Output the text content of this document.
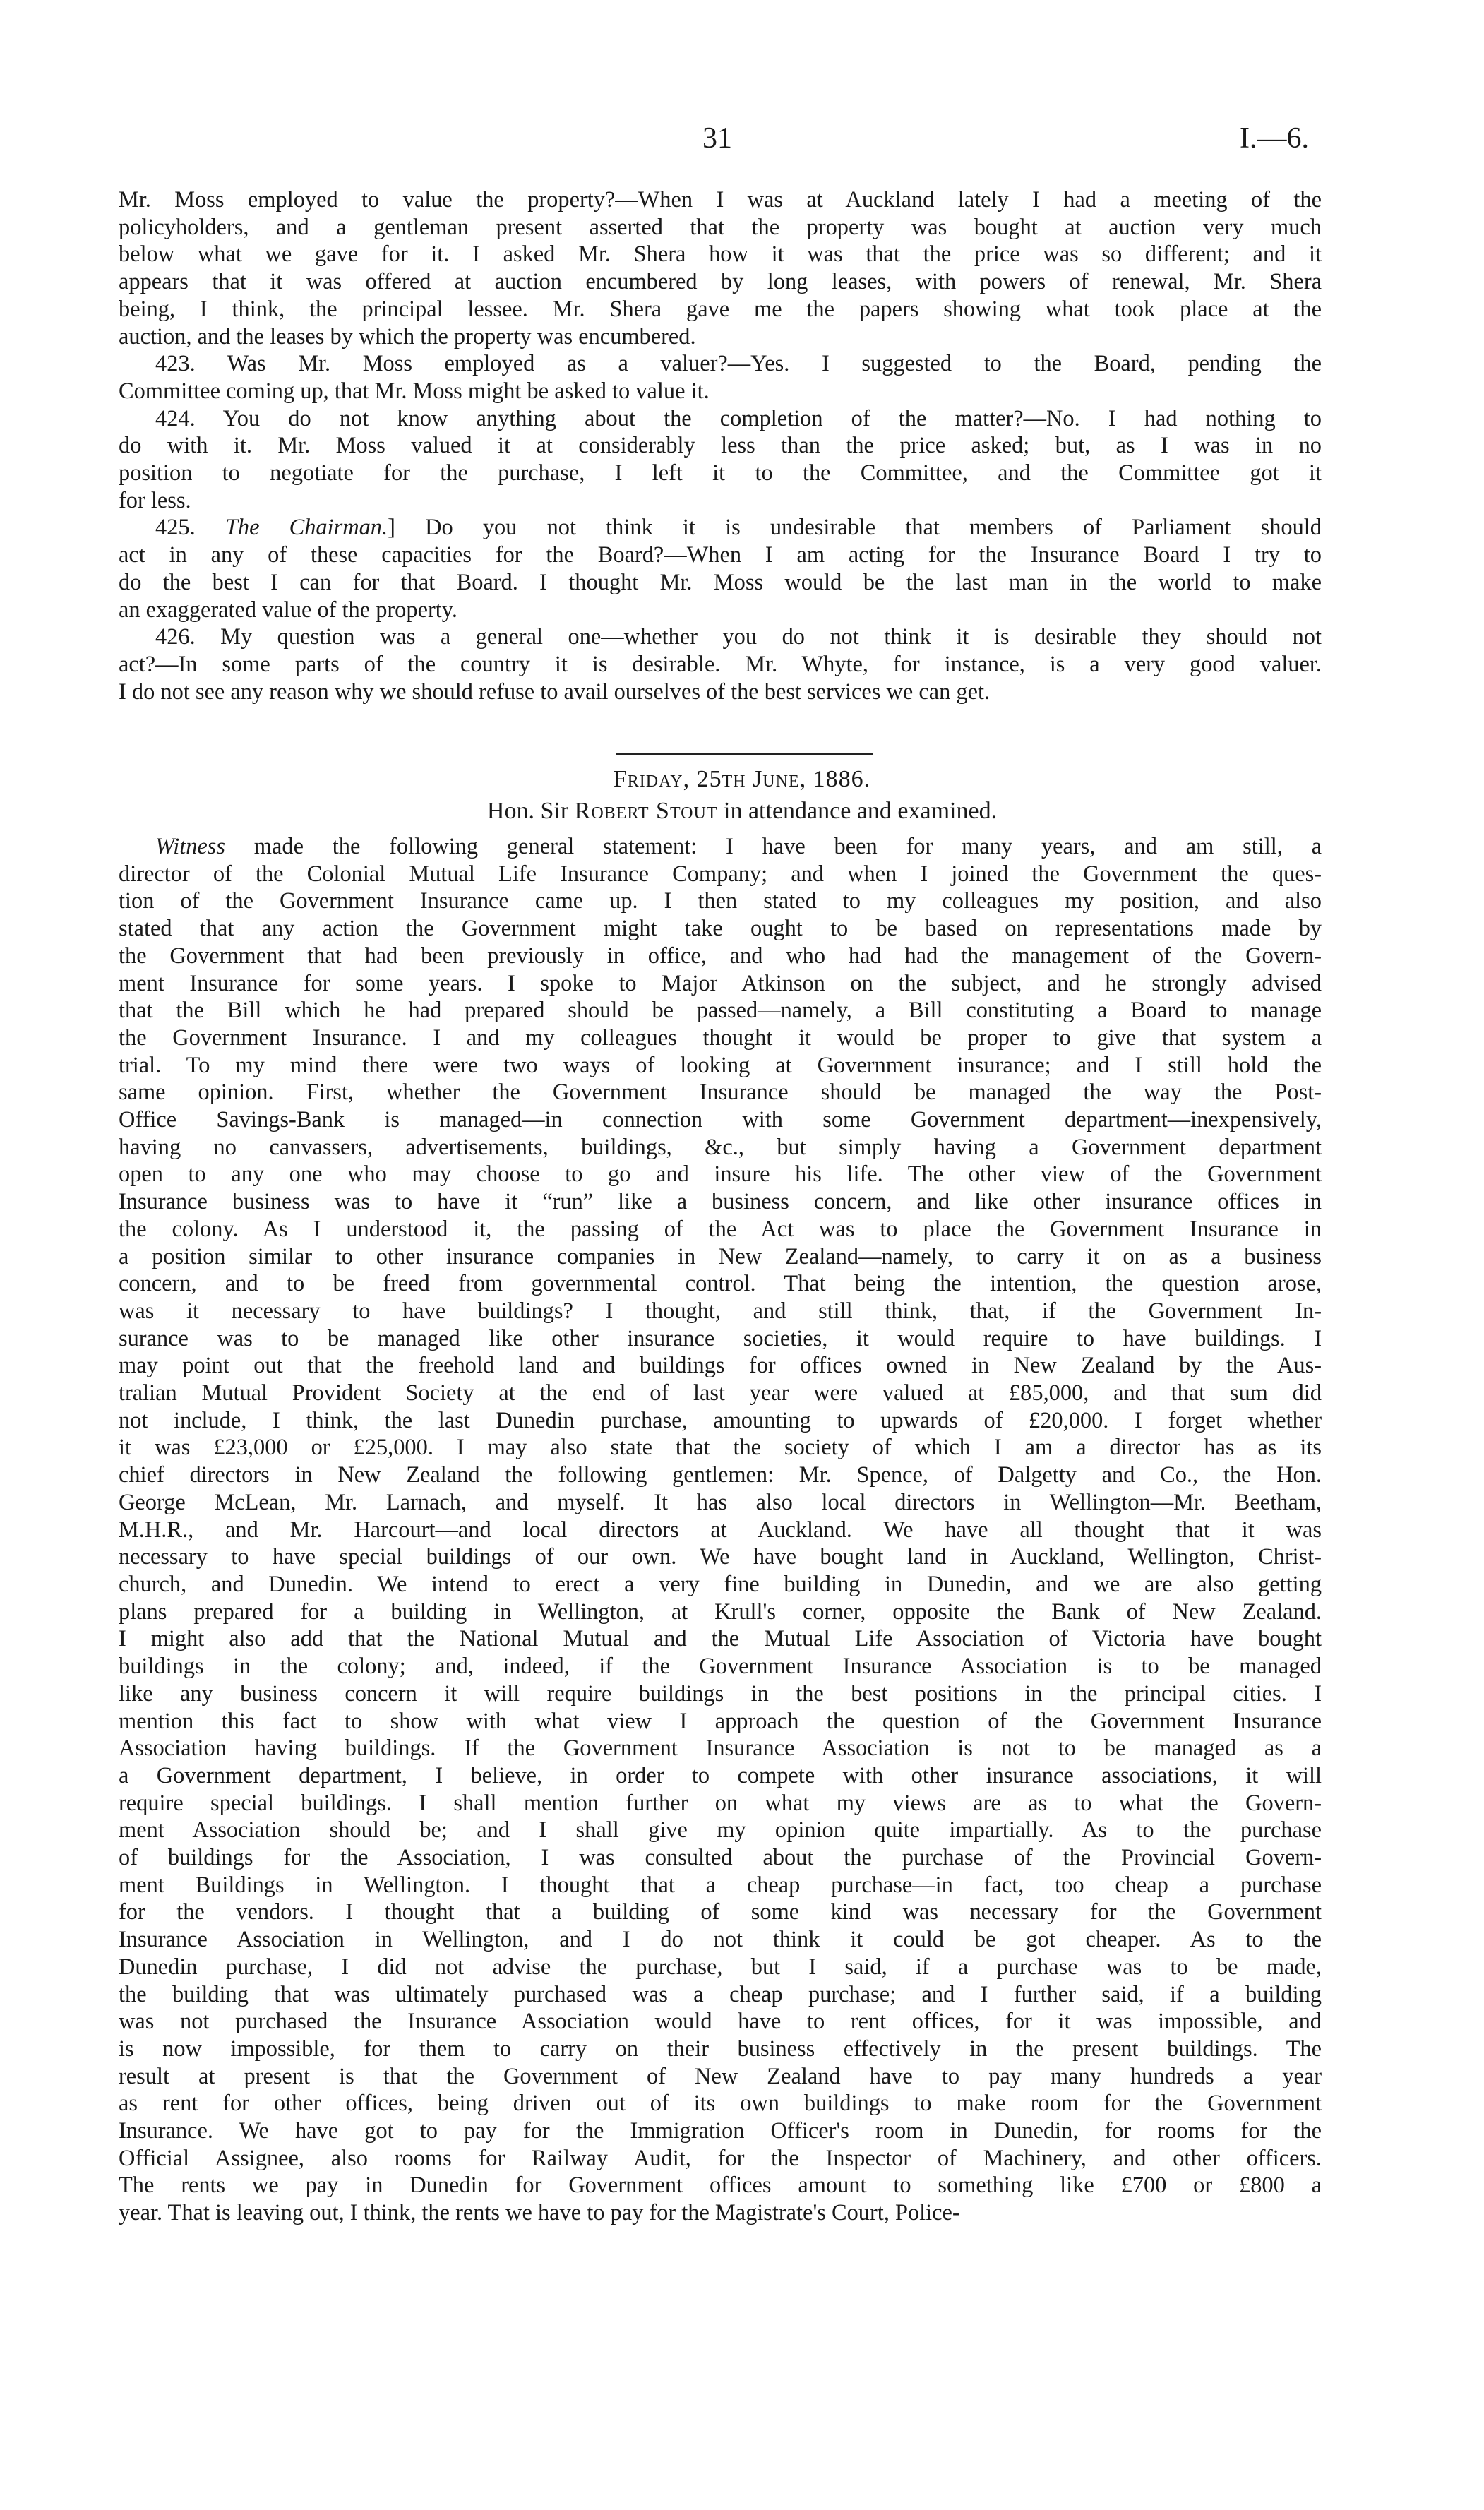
31	I.—6.

Mr. Moss employed to value the property?—When I was at Auckland lately I had a meeting of the

policyholders, and a gentleman present asserted that the property was bought at auction very much

below what we gave for it. I asked Mr. Shera how it was that the price was so different; and it

appears that it was offered at auction encumbered by long leases, with powers of renewal, Mr. Shera

being, I think, the principal lessee. Mr. Shera gave me the papers showing what took place at the

auction, and the leases by which the property was encumbered.

423. Was Mr. Moss employed as a valuer?—Yes. I suggested to the Board, pending the

Committee coming up, that Mr. Moss might be asked to value it.

424. You do not know anything about the completion of the matter?—No. I had nothing to

do with it. Mr. Moss valued it at considerably less than the price asked; but, as I was in no

position to negotiate for the purchase, I left it to the Committee, and the Committee got it

for less.

425. The Chairman.] Do you not think it is undesirable that members of Parliament should

act in any of these capacities for the Board?—When I am acting for the Insurance Board I try to

do the best I can for that Board. I thought Mr. Moss would be the last man in the world to make

an exaggerated value of the property.

426. My question was a general one—whether you do not think it is desirable they should not

act?—In some parts of the country it is desirable. Mr. Whyte, for instance, is a very good valuer.

I do not see any reason why we should refuse to avail ourselves of the best services we can get.

Friday, 25th June, 1886.
Hon. Sir Robert Stout in attendance and examined.

Witness made the following general statement: I have been for many years, and am still, a

director of the Colonial Mutual Life Insurance Company; and when I joined the Government the ques-

tion of the Government Insurance came up. I then stated to my colleagues my position, and also

stated that any action the Government might take ought to be based on representations made by

the Government that had been previously in office, and who had had the management of the Govern-

ment Insurance for some years. I spoke to Major Atkinson on the subject, and he strongly advised

that the Bill which he had prepared should be passed—namely, a Bill constituting a Board to manage

the Government Insurance. I and my colleagues thought it would be proper to give that system a

trial. To my mind there were two ways of looking at Government insurance; and I still hold the

same opinion. First, whether the Government Insurance should be managed the way the Post-

Office Savings-Bank is managed—in connection with some Government department—inexpensively,

having no canvassers, advertisements, buildings, &c., but simply having a Government department

open to any one who may choose to go and insure his life. The other view of the Government

Insurance business was to have it “run” like a business concern, and like other insurance offices in

the colony. As I understood it, the passing of the Act was to place the Government Insurance in

a position similar to other insurance companies in New Zealand—namely, to carry it on as a business

concern, and to be freed from governmental control. That being the intention, the question arose,

was it necessary to have buildings? I thought, and still think, that, if the Government In-

surance was to be managed like other insurance societies, it would require to have buildings. I

may point out that the freehold land and buildings for offices owned in New Zealand by the Aus-

tralian Mutual Provident Society at the end of last year were valued at £85,000, and that sum did

not include, I think, the last Dunedin purchase, amounting to upwards of £20,000. I forget whether

it was £23,000 or £25,000. I may also state that the society of which I am a director has as its

chief directors in New Zealand the following gentlemen: Mr. Spence, of Dalgetty and Co., the Hon.

George McLean, Mr. Larnach, and myself. It has also local directors in Wellington—Mr. Beetham,

M.H.R., and Mr. Harcourt—and local directors at Auckland. We have all thought that it was

necessary to have special buildings of our own. We have bought land in Auckland, Wellington, Christ-

church, and Dunedin. We intend to erect a very fine building in Dunedin, and we are also getting

plans prepared for a building in Wellington, at Krull's corner, opposite the Bank of New Zealand.

I might also add that the National Mutual and the Mutual Life Association of Victoria have bought

buildings in the colony; and, indeed, if the Government Insurance Association is to be managed

like any business concern it will require buildings in the best positions in the principal cities. I

mention this fact to show with what view I approach the question of the Government Insurance

Association having buildings. If the Government Insurance Association is not to be managed as a

a Government department, I believe, in order to compete with other insurance associations, it will

require special buildings. I shall mention further on what my views are as to what the Govern-

ment Association should be; and I shall give my opinion quite impartially. As to the purchase

of buildings for the Association, I was consulted about the purchase of the Provincial Govern-

ment Buildings in Wellington. I thought that a cheap purchase—in fact, too cheap a purchase

for the vendors. I thought that a building of some kind was necessary for the Government

Insurance Association in Wellington, and I do not think it could be got cheaper. As to the

Dunedin purchase, I did not advise the purchase, but I said, if a purchase was to be made,

the building that was ultimately purchased was a cheap purchase; and I further said, if a building

was not purchased the Insurance Association would have to rent offices, for it was impossible, and

is now impossible, for them to carry on their business effectively in the present buildings. The

result at present is that the Government of New Zealand have to pay many hundreds a year

as rent for other offices, being driven out of its own buildings to make room for the Government

Insurance. We have got to pay for the Immigration Officer's room in Dunedin, for rooms for the

Official Assignee, also rooms for Railway Audit, for the Inspector of Machinery, and other officers.

The rents we pay in Dunedin for Government offices amount to something like £700 or £800 a

year. That is leaving out, I think, the rents we have to pay for the Magistrate's Court, Police-
